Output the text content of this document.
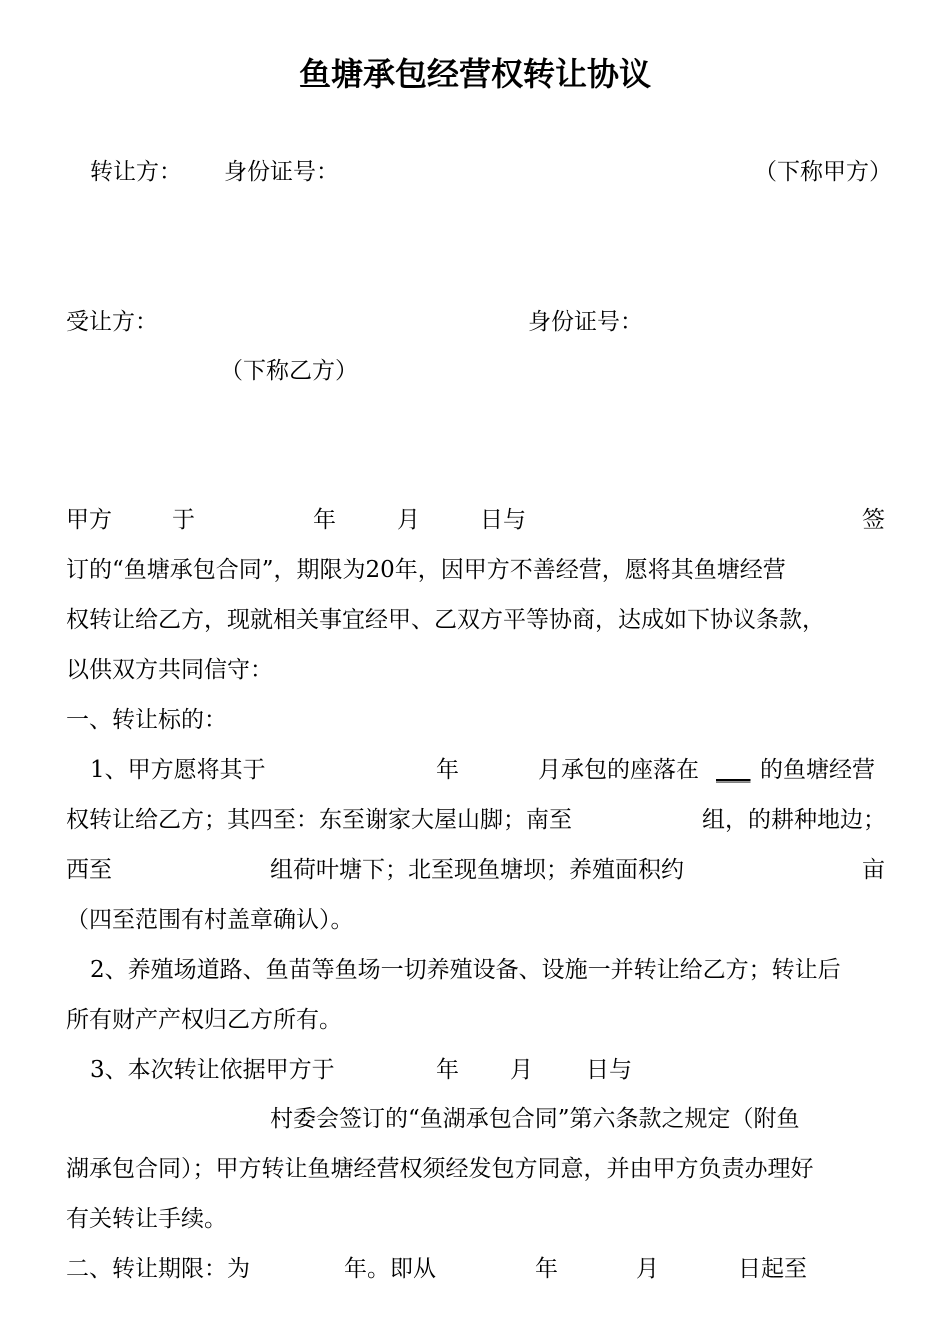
鱼塘承包经营权转让协议

转让方： 身份证号：	（下称甲方）

受让方：	身份证号：

（下称乙方）

甲方	于	年	月	日与	签

订的“鱼塘承包合同”，期限为20年，因甲方不善经营，愿将其鱼塘经营

权转让给乙方，现就相关事宜经甲、乙双方平等协商，达成如下协议条款，

以供双方共同信守：

一、转让标的：

1、甲方愿将其于	年	月承包的座落在 ___ 的鱼塘经营

权转让给乙方；其四至：东至谢家大屋山脚；南至	组，的耕种地边；

西至	组荷叶塘下；北至现鱼塘坝；养殖面积约	亩

（四至范围有村盖章确认）。

2、养殖场道路、鱼苗等鱼场一切养殖设备、设施一并转让给乙方；转让后

所有财产产权归乙方所有。

3、本次转让依据甲方于	年 月 日与

村委会签订的“鱼湖承包合同”第六条款之规定（附鱼

湖承包合同）；甲方转让鱼塘经营权须经发包方同意，并由甲方负责办理好

有关转让手续。

二、转让期限：为	年。即从	年	月	日起至
